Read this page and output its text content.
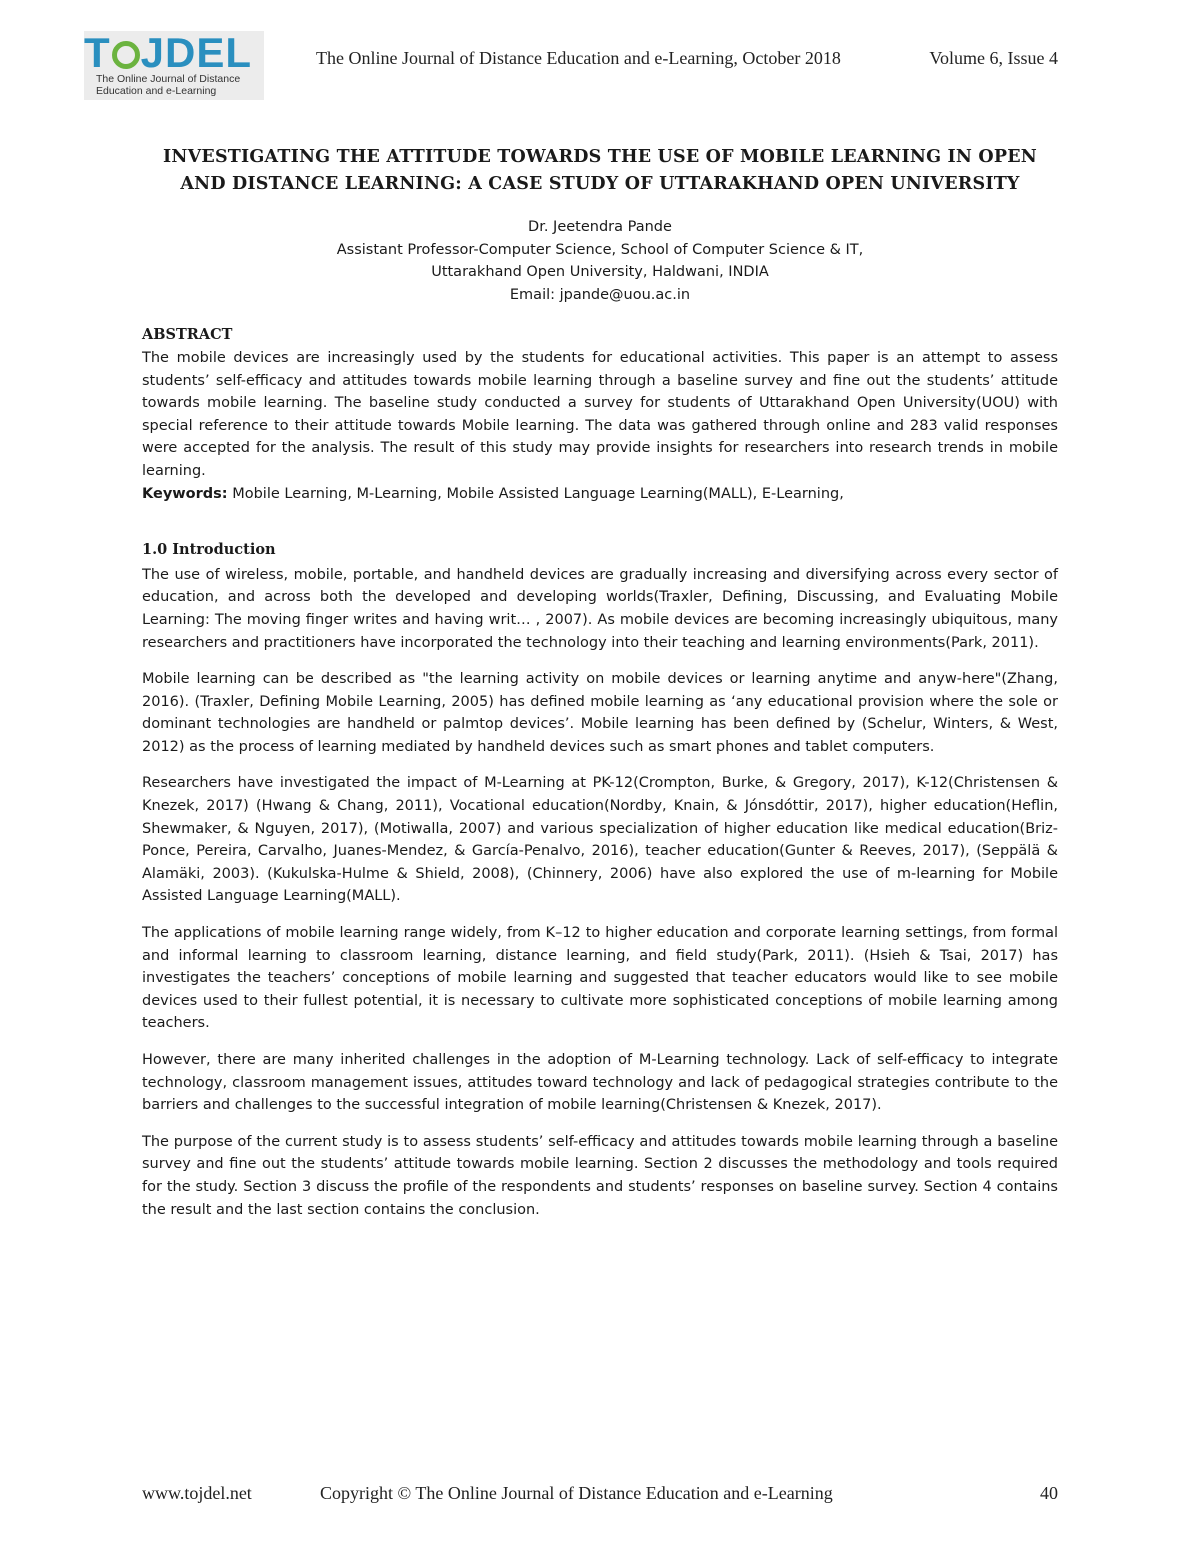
T JDEL
The Online Journal of Distance
Education and e-Learning
The Online Journal of Distance Education and e-Learning, October 2018	Volume 6, Issue 4
INVESTIGATING THE ATTITUDE TOWARDS THE USE OF MOBILE LEARNING IN OPEN AND DISTANCE LEARNING: A CASE STUDY OF UTTARAKHAND OPEN UNIVERSITY
Dr. Jeetendra Pande
Assistant Professor-Computer Science, School of Computer Science & IT,
Uttarakhand Open University, Haldwani, INDIA
Email: jpande@uou.ac.in
ABSTRACT
The mobile devices are increasingly used by the students for educational activities. This paper is an attempt to assess students’ self-efficacy and attitudes towards mobile learning through a baseline survey and fine out the students’ attitude towards mobile learning. The baseline study conducted a survey for students of Uttarakhand Open University(UOU) with special reference to their attitude towards Mobile learning. The data was gathered through online and 283 valid responses were accepted for the analysis. The result of this study may provide insights for researchers into research trends in mobile learning.
Keywords: Mobile Learning, M-Learning, Mobile Assisted Language Learning(MALL), E-Learning,
1.0 Introduction
The use of wireless, mobile, portable, and handheld devices are gradually increasing and diversifying across every sector of education, and across both the developed and developing worlds(Traxler, Defining, Discussing, and Evaluating Mobile Learning: The moving finger writes and having writ… , 2007). As mobile devices are becoming increasingly ubiquitous, many researchers and practitioners have incorporated the technology into their teaching and learning environments(Park, 2011).
Mobile learning can be described as "the learning activity on mobile devices or learning anytime and anyw-here"(Zhang, 2016). (Traxler, Defining Mobile Learning, 2005) has defined mobile learning as ‘any educational provision where the sole or dominant technologies are handheld or palmtop devices’. Mobile learning has been defined by (Schelur, Winters, & West, 2012) as the process of learning mediated by handheld devices such as smart phones and tablet computers.
Researchers have investigated the impact of M-Learning at PK-12(Crompton, Burke, & Gregory, 2017), K-12(Christensen & Knezek, 2017) (Hwang & Chang, 2011), Vocational education(Nordby, Knain, & Jónsdóttir, 2017), higher education(Heflin, Shewmaker, & Nguyen, 2017), (Motiwalla, 2007) and various specialization of higher education like medical education(Briz-Ponce, Pereira, Carvalho, Juanes-Mendez, & García-Penalvo, 2016), teacher education(Gunter & Reeves, 2017), (Seppälä & Alamäki, 2003). (Kukulska-Hulme & Shield, 2008), (Chinnery, 2006) have also explored the use of m-learning for Mobile Assisted Language Learning(MALL).
The applications of mobile learning range widely, from K–12 to higher education and corporate learning settings, from formal and informal learning to classroom learning, distance learning, and field study(Park, 2011). (Hsieh & Tsai, 2017) has investigates the teachers’ conceptions of mobile learning and suggested that teacher educators would like to see mobile devices used to their fullest potential, it is necessary to cultivate more sophisticated conceptions of mobile learning among teachers.
However, there are many inherited challenges in the adoption of M-Learning technology. Lack of self-efficacy to integrate technology, classroom management issues, attitudes toward technology and lack of pedagogical strategies contribute to the barriers and challenges to the successful integration of mobile learning(Christensen & Knezek, 2017).
The purpose of the current study is to assess students’ self-efficacy and attitudes towards mobile learning through a baseline survey and fine out the students’ attitude towards mobile learning. Section 2 discusses the methodology and tools required for the study. Section 3 discuss the profile of the respondents and students’ responses on baseline survey. Section 4 contains the result and the last section contains the conclusion.
www.tojdel.net	Copyright © The Online Journal of Distance Education and e-Learning	40
